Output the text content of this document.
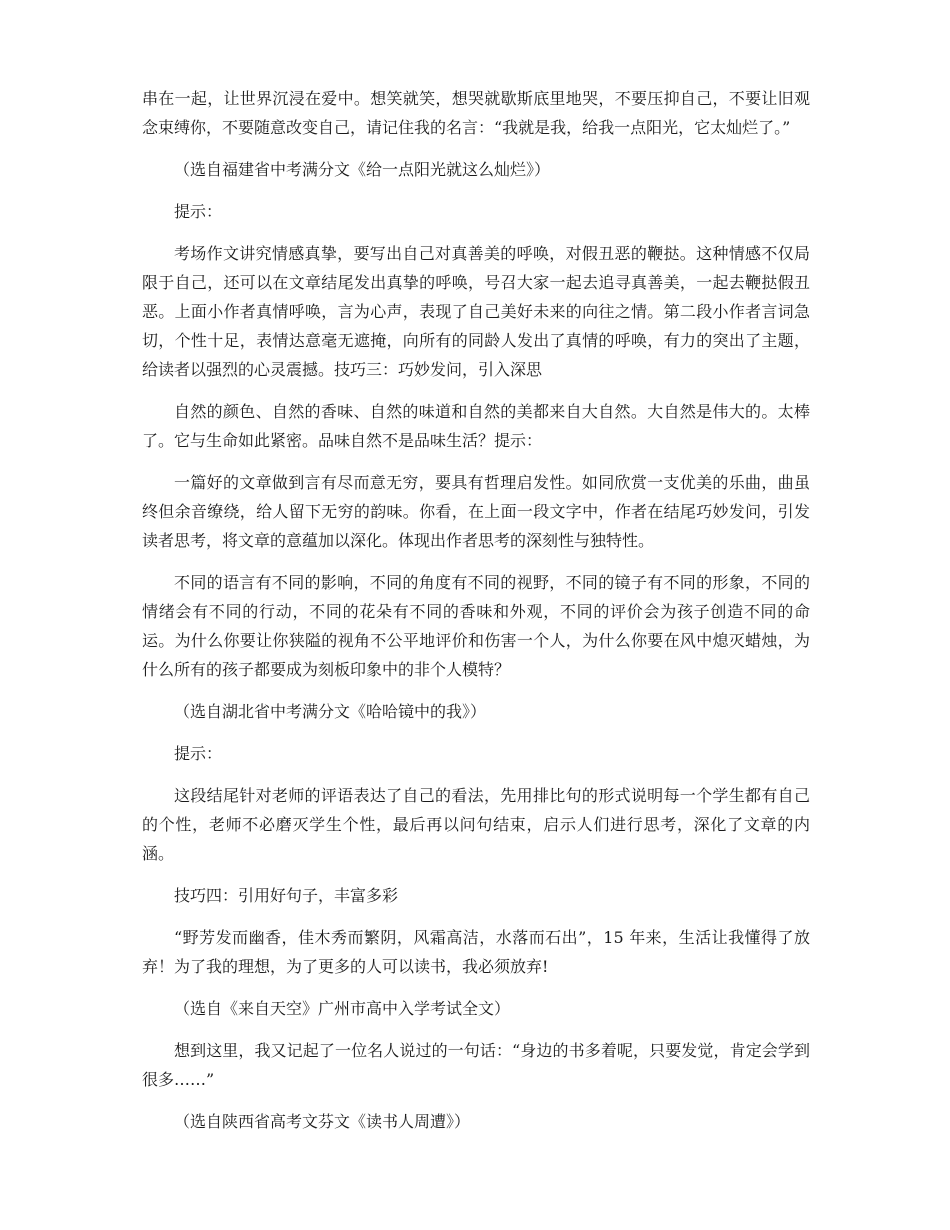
串在一起，让世界沉浸在爱中。想笑就笑，想哭就歇斯底里地哭，不要压抑自己，不要让旧观念束缚你，不要随意改变自己，请记住我的名言：“我就是我，给我一点阳光，它太灿烂了。”

（选自福建省中考满分文《给一点阳光就这么灿烂》）

提示：

考场作文讲究情感真挚，要写出自己对真善美的呼唤，对假丑恶的鞭挞。这种情感不仅局限于自己，还可以在文章结尾发出真挚的呼唤，号召大家一起去追寻真善美，一起去鞭挞假丑恶。上面小作者真情呼唤，言为心声，表现了自己美好未来的向往之情。第二段小作者言词急切，个性十足，表情达意毫无遮掩，向所有的同龄人发出了真情的呼唤，有力的突出了主题，给读者以强烈的心灵震撼。技巧三：巧妙发问，引入深思

自然的颜色、自然的香味、自然的味道和自然的美都来自大自然。大自然是伟大的。太棒了。它与生命如此紧密。品味自然不是品味生活？提示：

一篇好的文章做到言有尽而意无穷，要具有哲理启发性。如同欣赏一支优美的乐曲，曲虽终但余音缭绕，给人留下无穷的韵味。你看，在上面一段文字中，作者在结尾巧妙发问，引发读者思考，将文章的意蕴加以深化。体现出作者思考的深刻性与独特性。

不同的语言有不同的影响，不同的角度有不同的视野，不同的镜子有不同的形象，不同的情绪会有不同的行动，不同的花朵有不同的香味和外观，不同的评价会为孩子创造不同的命运。为什么你要让你狭隘的视角不公平地评价和伤害一个人，为什么你要在风中熄灭蜡烛，为什么所有的孩子都要成为刻板印象中的非个人模特？

（选自湖北省中考满分文《哈哈镜中的我》）

提示：

这段结尾针对老师的评语表达了自己的看法，先用排比句的形式说明每一个学生都有自己的个性，老师不必磨灭学生个性，最后再以问句结束，启示人们进行思考，深化了文章的内涵。

技巧四：引用好句子，丰富多彩

“野芳发而幽香，佳木秀而繁阴，风霜高洁，水落而石出”，15 年来，生活让我懂得了放弃！为了我的理想，为了更多的人可以读书，我必须放弃!

（选自《来自天空》广州市高中入学考试全文）

想到这里，我又记起了一位名人说过的一句话：“身边的书多着呢，只要发觉，肯定会学到很多……”

（选自陕西省高考文芬文《读书人周遭》）
